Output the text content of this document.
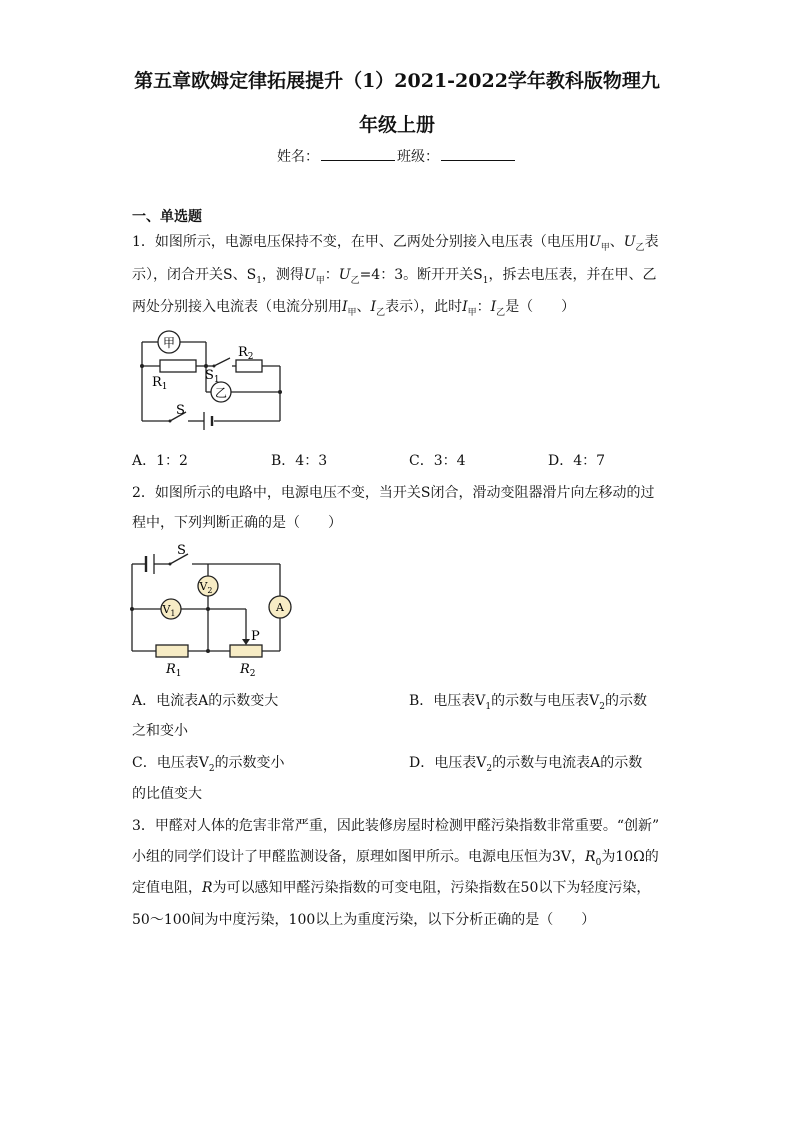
第五章欧姆定律拓展提升（1）2021-2022学年教科版物理九
年级上册
姓名：	班级：
一、单选题
1．如图所示，电源电压保持不变，在甲、乙两处分别接入电压表（电压用$U_甲$、$U_乙$表
示），闭合开关S、$S_1$，测得$U_甲$：$U_乙=4$：3。断开开关$S_1$，拆去电压表，并在甲、乙
两处分别接入电流表（电流分别用$I_甲$、$I_乙$表示），此时$I_甲$：$I_乙$是（　　）
甲
乙
$R_1$
$R_2$
$S_1$
S
A．1：2	B．4：3	C．3：4	D．4：7
2．如图所示的电路中，电源电压不变，当开关S闭合，滑动变阻器滑片向左移动的过
程中，下列判断正确的是（　　）
$V_2$
$V_1$	A
S
P
$R_1$	$R_2$
A．电流表A的示数变大	B．电压表$V_1$的示数与电压表$V_2$的示数
之和变小
C．电压表$V_2$的示数变小	D．电压表$V_2$的示数与电流表A的示数
的比值变大
3．甲醛对人体的危害非常严重，因此装修房屋时检测甲醛污染指数非常重要。“创新”
小组的同学们设计了甲醛监测设备，原理如图甲所示。电源电压恒为3V，$R_0$为10Ω的
定值电阻，R为可以感知甲醛污染指数的可变电阻，污染指数在50以下为轻度污染，
50～100间为中度污染，100以上为重度污染，以下分析正确的是（　　）
